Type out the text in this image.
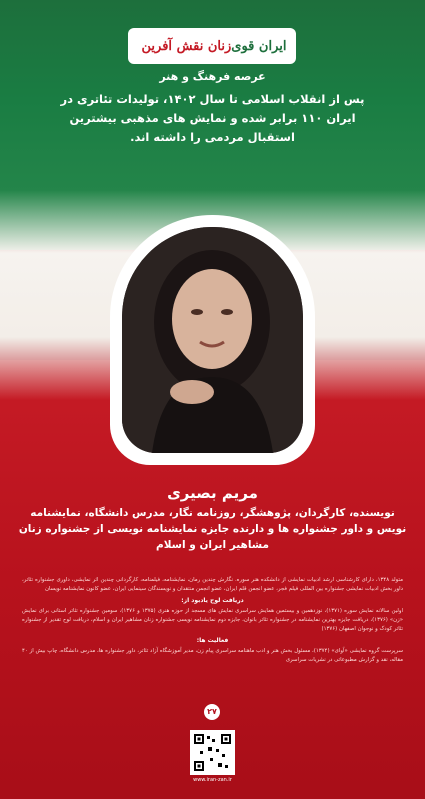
ایران قوی
زنان نقش آفرین
عرصه فرهنگ و هنر
پس از انقلاب اسلامی تا سال ۱۴۰۲، تولیدات تئاتری در ایران ۱۱۰ برابر شده و نمایش های مذهبی بیشترین استقبال مردمی را داشته اند.
مریم بصیری
نویسنده، کارگردان، پژوهشگر، روزنامه نگار، مدرس دانشگاه، نمایشنامه نویس و داور جشنواره ها و دارنده جایزه نمایشنامه نویسی از جشنواره زنان مشاهیر ایران و اسلام
متولد ۱۳۴۸، دارای کارشناسی ارشد ادبیات نمایشی از دانشکده هنر سوره. نگارش چندین رمان، نمایشنامه، فیلمنامه، کارگردانی چندین اثر نمایشی، داوری جشنواره تئاتر، داور بخش ادبیات نمایشی جشنواره بین المللی فیلم فجر، عضو انجمن قلم ایران، عضو انجمن منتقدان و نویسندگان سینمایی ایران، عضو کانون نمایشنامه نویسان
دریافت لوح یادبود از:
اولین سالانه نمایش سوره (۱۳۷۱)، نوزدهمین و بیستمین همایش سراسری نمایش های مسجد از حوزه هنری (۱۳۷۵ و ۱۳۷۶)، سومین جشنواره تئاتر استانی برای نمایش «زن» (۱۳۷۶)، دریافت جایزه بهترین نمایشنامه در جشنواره تئاتر بانوان، جایزه دوم نمایشنامه نویسی جشنواره زنان مشاهیر ایران و اسلام، دریافت لوح تقدیر از جشنواره تئاتر کودک و نوجوان اصفهان (۱۳۷۶)
فعالیت ها:
سرپرست گروه نمایشی «آوای» (۱۳۷۴)، مسئول بخش هنر و ادب ماهنامه سراسری پیام زن، مدیر آموزشگاه آزاد تئاتر، داور جشنواره ها، مدرس دانشگاه، چاپ بیش از ۴۰ مقاله، نقد و گزارش مطبوعاتی در نشریات سراسری
۲۷
www.iran-zan.ir
